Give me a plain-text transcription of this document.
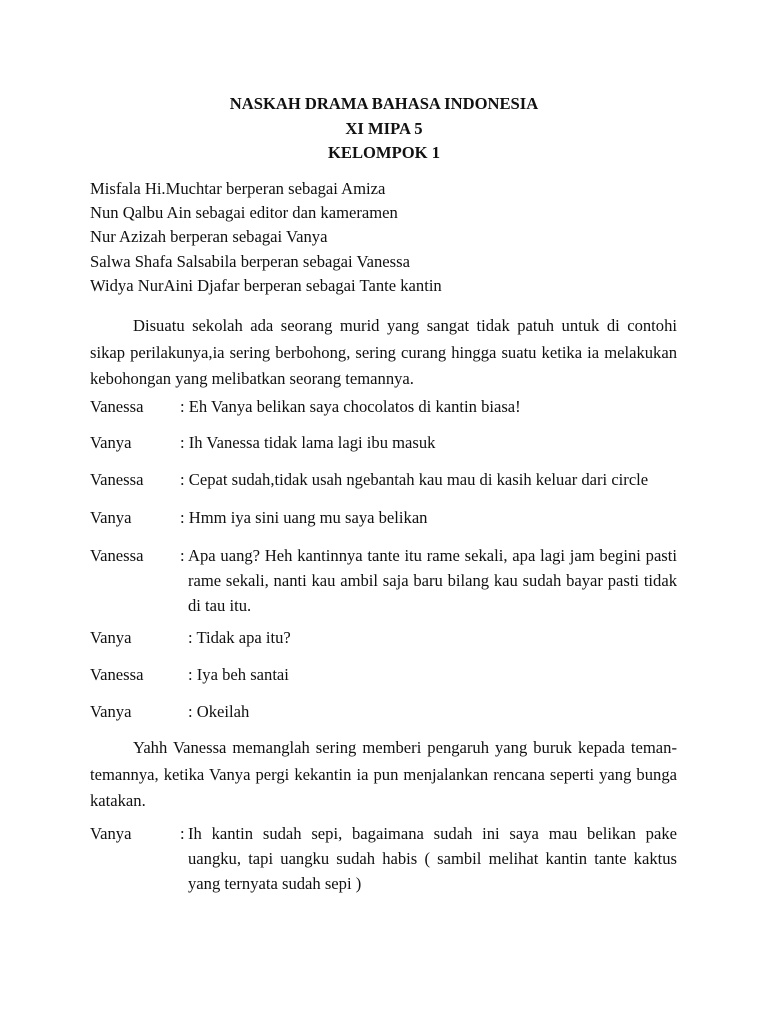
NASKAH DRAMA BAHASA INDONESIA
XI MIPA 5
KELOMPOK 1
Misfala Hi.Muchtar berperan sebagai Amiza
Nun Qalbu Ain sebagai editor dan kameramen
Nur Azizah berperan sebagai Vanya
Salwa Shafa Salsabila berperan sebagai Vanessa
Widya NurAini Djafar berperan sebagai Tante kantin
Disuatu sekolah ada seorang murid yang sangat tidak patuh untuk di contohi sikap perilakunya,ia sering berbohong, sering curang hingga suatu ketika ia melakukan kebohongan yang melibatkan seorang temannya.
Vanessa : Eh Vanya belikan saya chocolatos di kantin biasa!
Vanya	: Ih Vanessa tidak lama lagi ibu masuk
Vanessa : Cepat sudah,tidak usah ngebantah kau mau di kasih keluar dari circle
Vanya	: Hmm iya sini uang mu saya belikan
Vanessa : Apa uang? Heh kantinnya tante itu rame sekali, apa lagi jam begini pasti rame sekali, nanti kau ambil saja baru bilang kau sudah bayar pasti tidak di tau itu.
Vanya	: Tidak apa itu?
Vanessa	: Iya beh santai
Vanya	: Okeilah
Yahh Vanessa memanglah sering memberi pengaruh yang buruk kepada teman-temannya, ketika Vanya pergi kekantin ia pun menjalankan rencana seperti yang bunga katakan.
Vanya	: Ih kantin sudah sepi, bagaimana sudah ini saya mau belikan pake uangku, tapi uangku sudah habis ( sambil melihat kantin tante kaktus yang ternyata sudah sepi )
